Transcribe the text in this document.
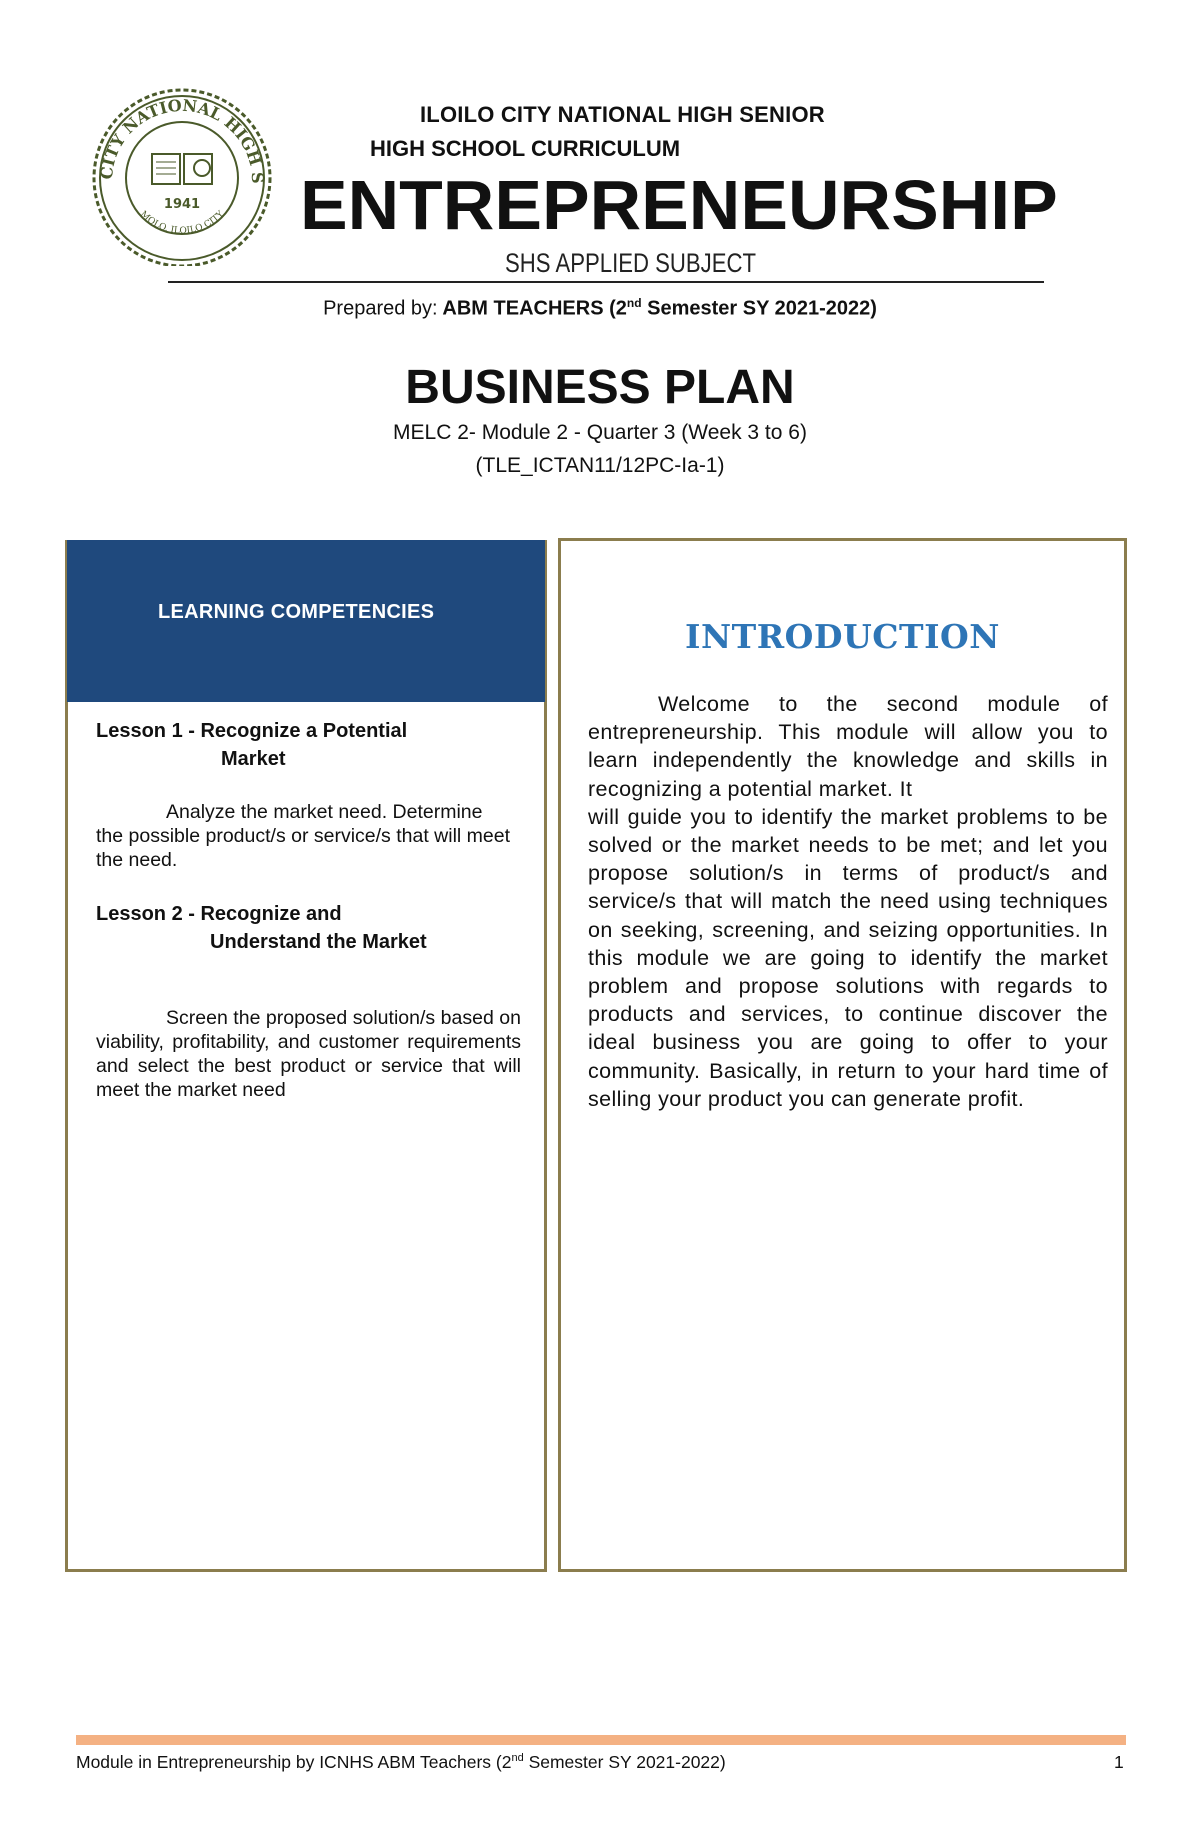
CITY NATIONAL HIGH S
MOLO, ILOILO CITY
1941
ILOILO CITY NATIONAL HIGH SENIOR
HIGH SCHOOL CURRICULUM
ENTREPRENEURSHIP
SHS APPLIED SUBJECT
Prepared by: ABM TEACHERS (2nd Semester SY 2021-2022)
BUSINESS PLAN
MELC 2- Module 2 - Quarter 3 (Week 3 to 6)
(TLE_ICTAN11/12PC-Ia-1)
LEARNING COMPETENCIES
Lesson 1 - Recognize a Potential
Market
Analyze the market need. Determine
the possible product/s or service/s that will meet the need.
Lesson 2 - Recognize and
Understand the Market
Screen the proposed solution/s based on viability, profitability, and customer requirements and select the best product or service that will meet the market need
INTRODUCTION
Welcome to the second module of entrepreneurship. This module will allow you to learn independently the knowledge and skills in recognizing a potential market. It
will guide you to identify the market problems to be solved or the market needs to be met; and let you propose solution/s in terms of product/s and service/s that will match the need using techniques on seeking, screening, and seizing opportunities. In this module we are going to identify the market problem and propose solutions with regards to products and services, to continue discover the ideal business you are going to offer to your community. Basically, in return to your hard time of selling your product you can generate profit.
Module in Entrepreneurship by ICNHS ABM Teachers (2nd Semester SY 2021-2022)	1
